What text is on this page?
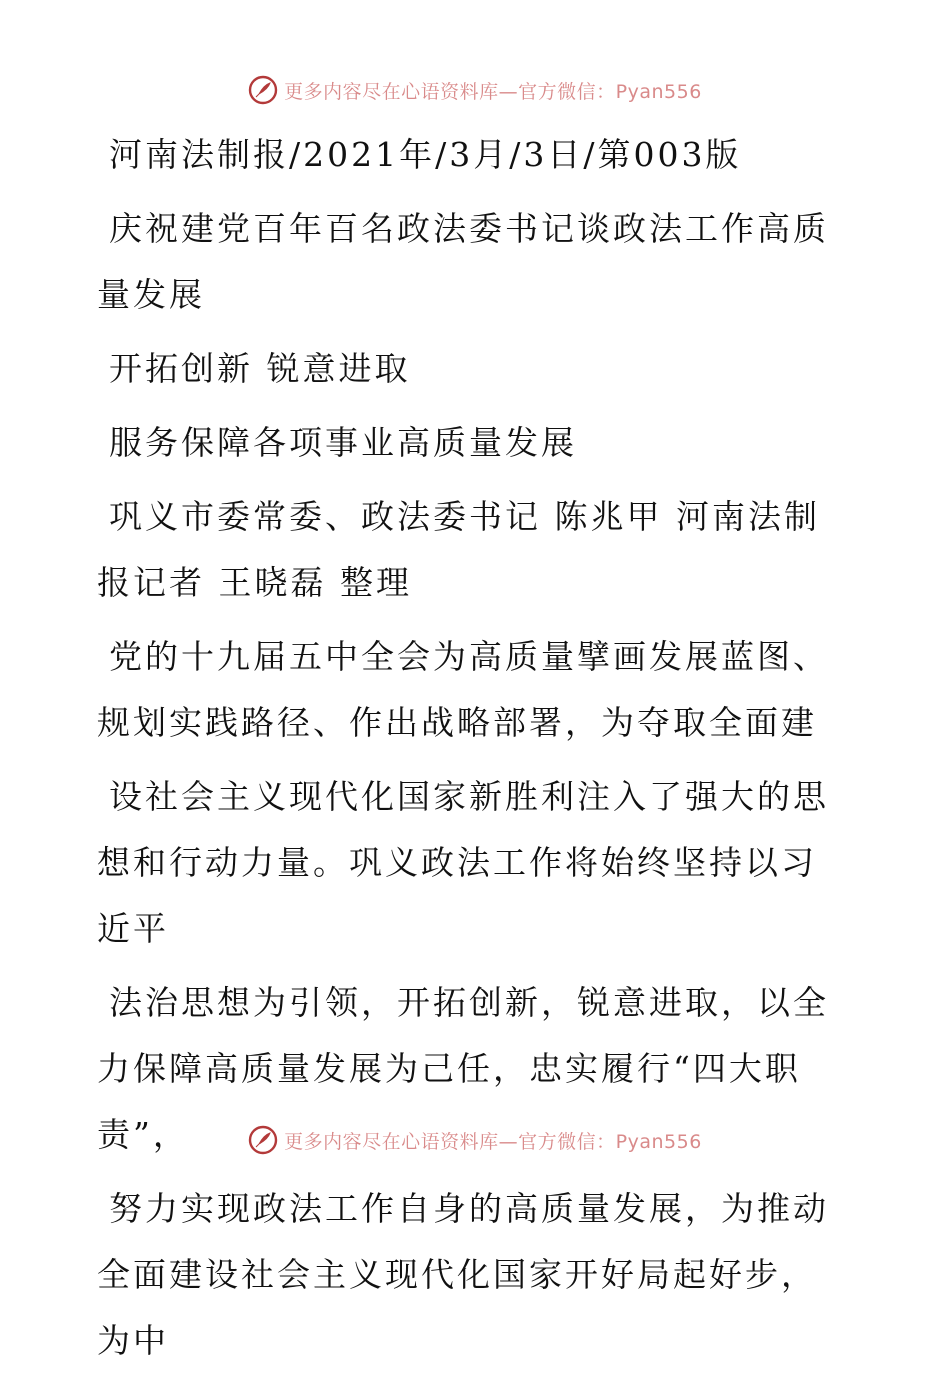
更多内容尽在心语资料库—官方微信：Pyan556

河南法制报/2021年/3月/3日/第003版

庆祝建党百年百名政法委书记谈政法工作高质量发展

开拓创新 锐意进取

服务保障各项事业高质量发展

巩义市委常委、政法委书记 陈兆甲 河南法制报记者 王晓磊 整理

党的十九届五中全会为高质量擘画发展蓝图、规划实践路径、作出战略部署，为夺取全面建

设社会主义现代化国家新胜利注入了强大的思想和行动力量。巩义政法工作将始终坚持以习近平

法治思想为引领，开拓创新，锐意进取，以全力保障高质量发展为己任，忠实履行“四大职责”，

努力实现政法工作自身的高质量发展，为推动全面建设社会主义现代化国家开好局起好步，为中

更多内容尽在心语资料库—官方微信：Pyan556
